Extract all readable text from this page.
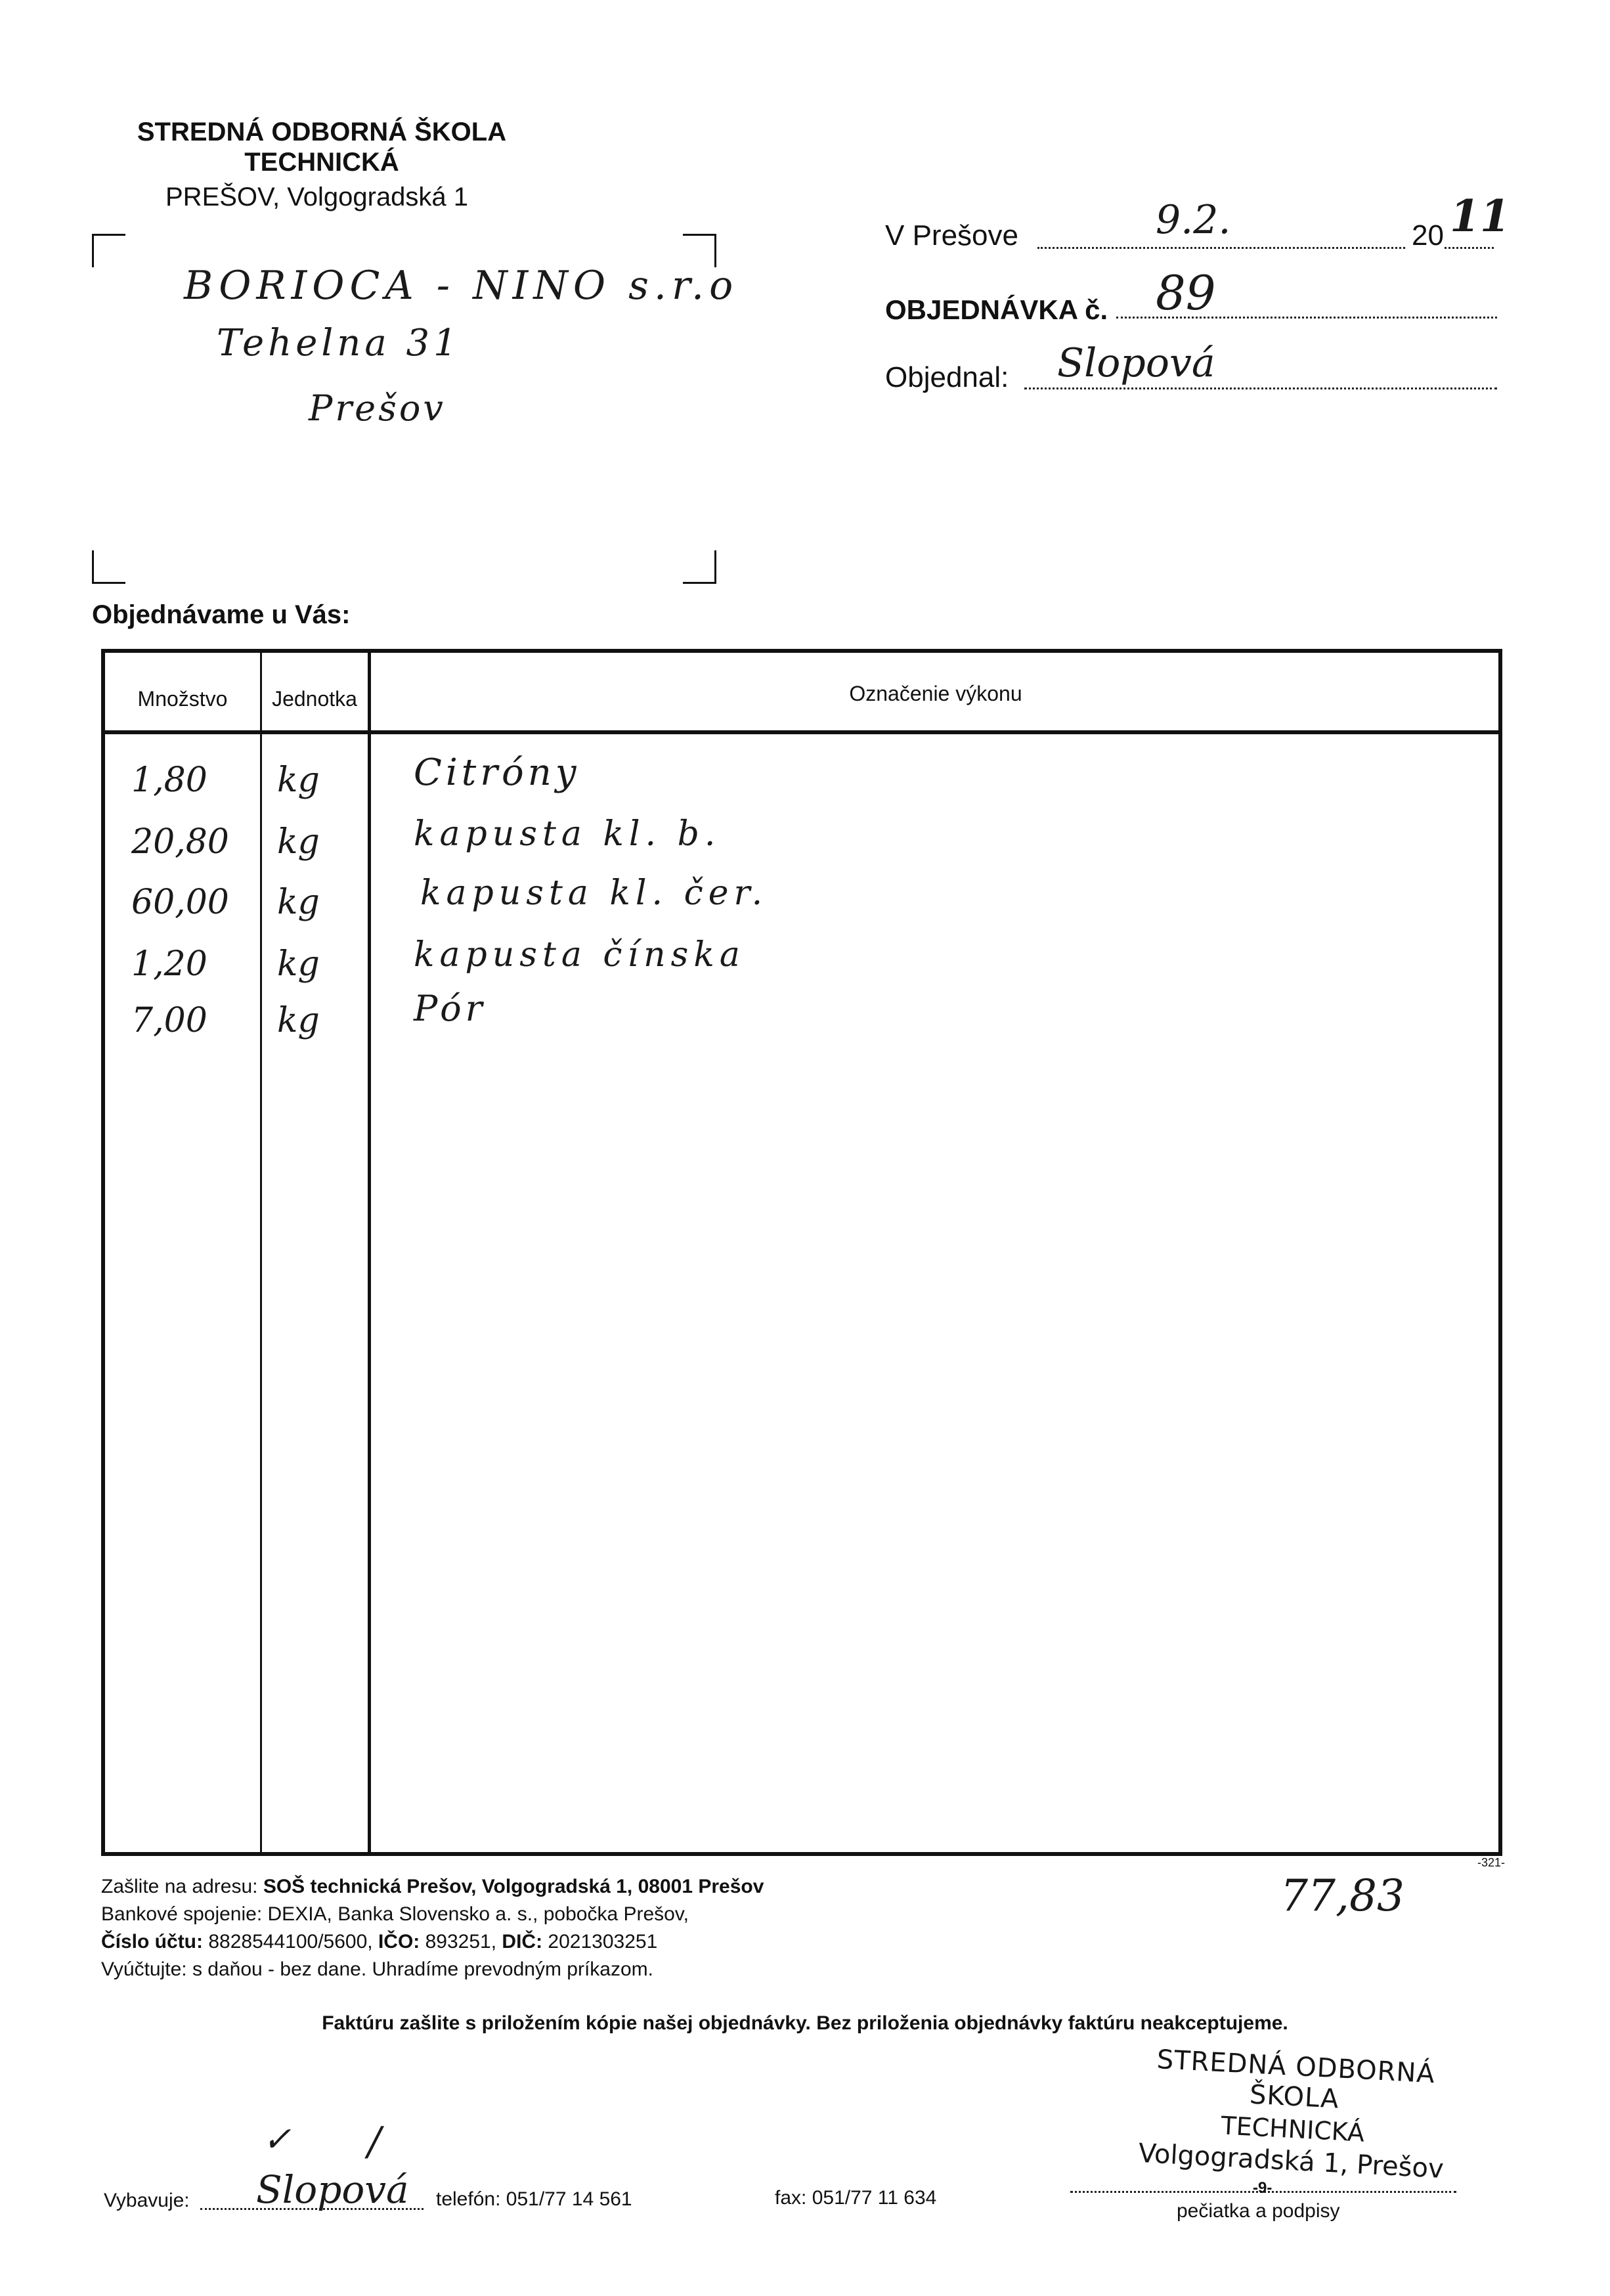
STREDNÁ ODBORNÁ ŠKOLA
TECHNICKÁ
PREŠOV, Volgogradská 1
BORIOCA - NINO s.r.o
Tehelna 31
Prešov
V Prešove	9.2.	20 11
OBJEDNÁVKA č. 89
Objednal: Slopová
Objednávame u Vás:
Množstvo	Jednotka	Označenie výkonu
1,80 kg	Citróny
20,80 kg	kapusta kl. b.
60,00 kg	kapusta kl. čer.
1,20 kg	kapusta čínska
7,00 kg	Pór
-321-
Zašlite na adresu: SOŠ technická Prešov, Volgogradská 1, 08001 Prešov
Bankové spojenie: DEXIA, Banka Slovensko a. s., pobočka Prešov,
Číslo účtu: 8828544100/5600, IČO: 893251, DIČ: 2021303251
Vyúčtujte: s daňou - bez dane. Uhradíme prevodným príkazom.
77,83
Faktúru zašlite s priložením kópie našej objednávky. Bez priloženia objednávky faktúru neakceptujeme.
Vybavuje: Slopová
✓ /
telefón: 051/77 14 561	fax: 051/77 11 634
STREDNÁ ODBORNÁ ŠKOLA
TECHNICKÁ
Volgogradská 1, Prešov
-9-
pečiatka a podpisy
